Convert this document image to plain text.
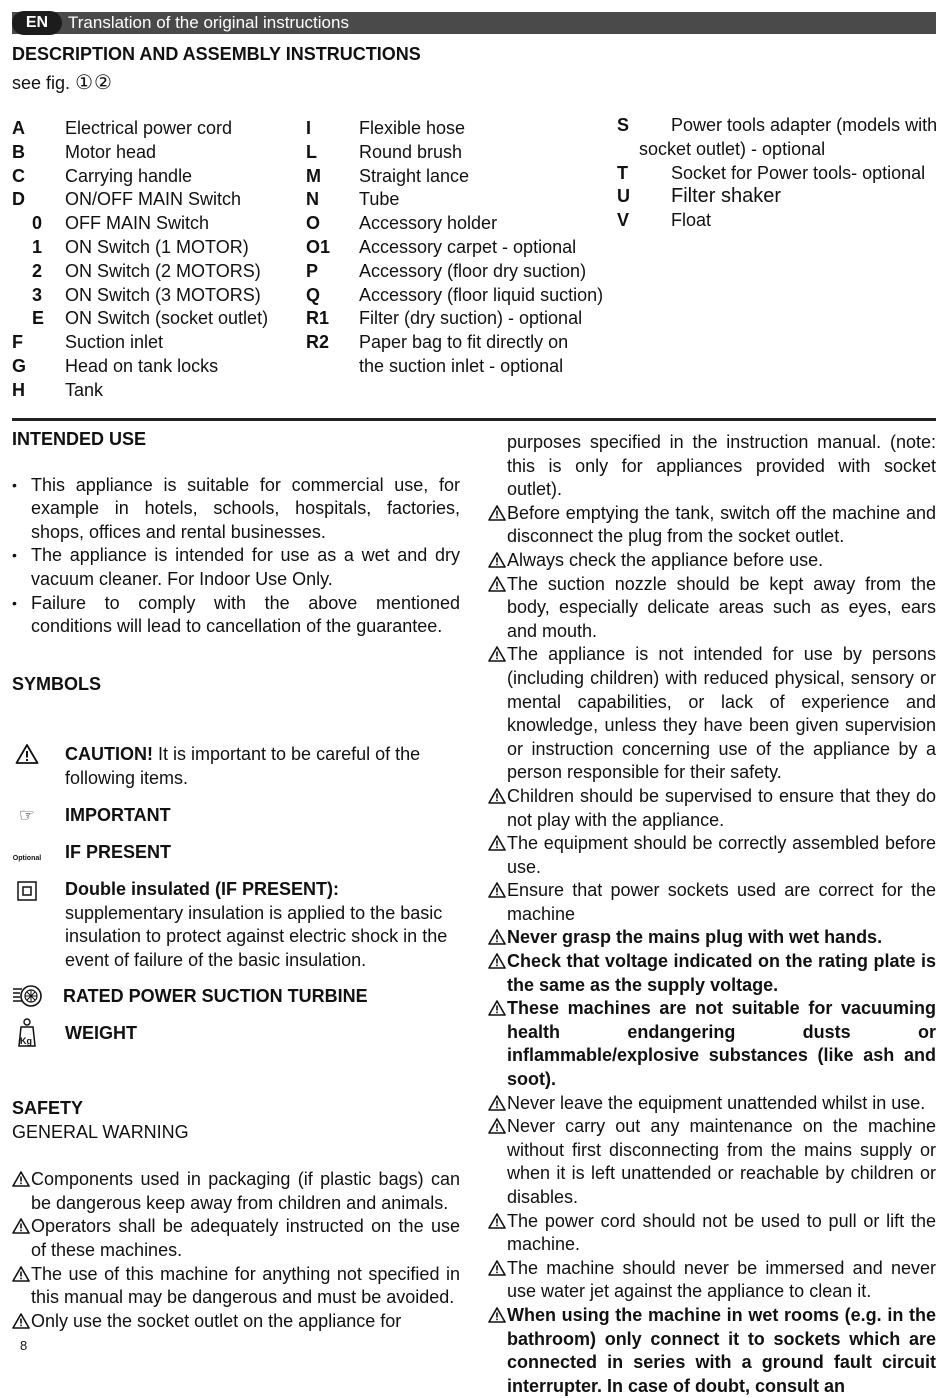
EN	Translation of the original instructions
DESCRIPTION AND ASSEMBLY INSTRUCTIONS
see fig. ①②
A Electrical power cord
B Motor head
C Carrying handle
D ON/OFF MAIN Switch
0 OFF MAIN Switch
1 ON Switch (1 MOTOR)
2 ON Switch (2 MOTORS)
3 ON Switch (3 MOTORS)
E ON Switch (socket outlet)
F Suction inlet
G Head on tank locks
H Tank
I	Flexible hose
L Round brush
M Straight lance
N Tube
O Accessory holder
O1 Accessory carpet - optional
P Accessory (floor dry suction)
Q Accessory (floor liquid suction)
R1 Filter (dry suction) - optional
R2 Paper bag to fit directly on
the suction inlet - optional
S Power tools adapter (models with
socket outlet) - optional
T Socket for Power tools- optional
U Filter shaker
V Float
INTENDED USE
• This appliance is suitable for commercial use, for example in hotels, schools, hospitals, factories, shops, offices and rental businesses.
• The appliance is intended for use as a wet and dry vacuum cleaner. For Indoor Use Only.
• Failure to comply with the above mentioned conditions will lead to cancellation of the guarantee.
SYMBOLS
CAUTION! It is important to be careful of the following items.
☞	IMPORTANT
Optional IF PRESENT
Double insulated (IF PRESENT): supplementary insulation is applied to the basic insulation to protect against electric shock in the event of failure of the basic insulation.
RATED POWER SUCTION TURBINE
Kg WEIGHT
SAFETY
GENERAL WARNING
Components used in packaging (if plastic bags) can be dangerous keep away from children and animals.
Operators shall be adequately instructed on the use of these machines.
The use of this machine for anything not specified in this manual may be dangerous and must be avoided.
Only use the socket outlet on the appliance for
purposes specified in the instruction manual. (note: this is only for appliances provided with socket outlet).
Before emptying the tank, switch off the machine and disconnect the plug from the socket outlet.
Always check the appliance before use.
The suction nozzle should be kept away from the body, especially delicate areas such as eyes, ears and mouth.
The appliance is not intended for use by persons (including children) with reduced physical, sensory or mental capabilities, or lack of experience and knowledge, unless they have been given supervision or instruction concerning use of the appliance by a person responsible for their safety.
Children should be supervised to ensure that they do not play with the appliance.
The equipment should be correctly assembled before use.
Ensure that power sockets used are correct for the machine
Never grasp the mains plug with wet hands.
Check that voltage indicated on the rating plate is the same as the supply voltage.
These machines are not suitable for vacuuming health endangering dusts or inflammable/explosive substances (like ash and soot).
Never leave the equipment unattended whilst in use.
Never carry out any maintenance on the machine without first disconnecting from the mains supply or when it is left unattended or reachable by children or disables.
The power cord should not be used to pull or lift the machine.
The machine should never be immersed and never use water jet against the appliance to clean it.
When using the machine in wet rooms (e.g. in the bathroom) only connect it to sockets which are connected in series with a ground fault circuit interrupter. In case of doubt, consult an
8
